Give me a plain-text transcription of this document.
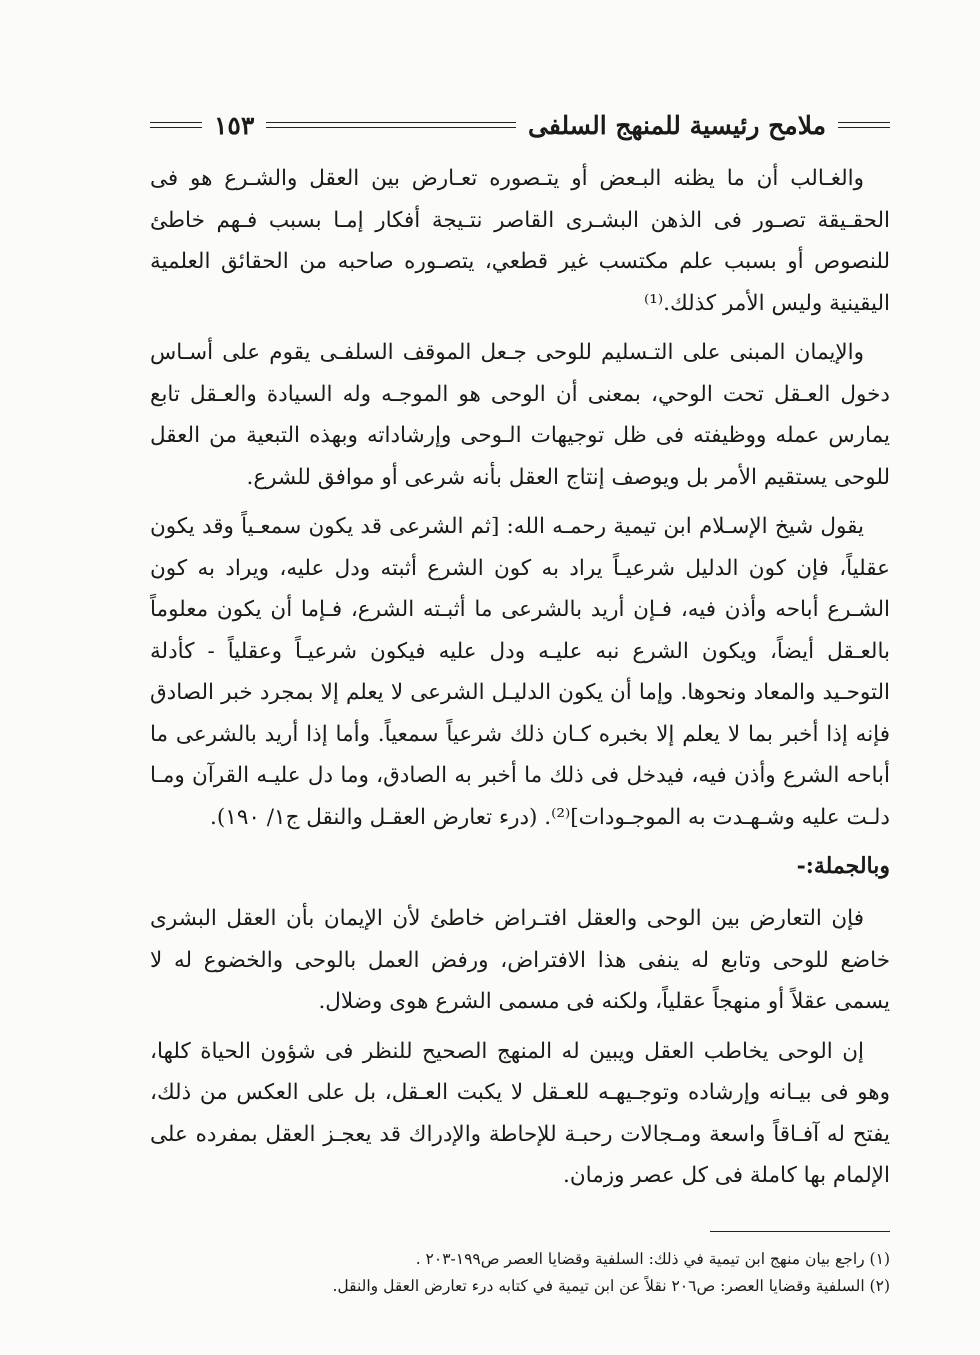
ملامح رئيسية للمنهج السلفى
١٥٣

والغـالب أن ما يظنه البـعض أو يتـصوره تعـارض بين العقل والشـرع هو فى الحقـيقة تصـور فى الذهن البشـرى القاصر نتـيجة أفكار إمـا بسبب فـهم خاطئ للنصوص أو بسبب علم مكتسب غير قطعي، يتصـوره صاحبه من الحقائق العلمية اليقينية وليس الأمر كذلك.⁽¹⁾

والإيمان المبنى على التـسليم للوحى جـعل الموقف السلفـى يقوم على أسـاس دخول العـقل تحت الوحي، بمعنى أن الوحى هو الموجـه وله السيادة والعـقل تابع يمارس عمله ووظيفته فى ظل توجيهات الـوحى وإرشاداته وبهذه التبعية من العقل للوحى يستقيم الأمر بل ويوصف إنتاج العقل بأنه شرعى أو موافق للشرع.

يقول شيخ الإسـلام ابن تيمية رحمـه الله: [ثم الشرعى قد يكون سمعـياً وقد يكون عقلياً، فإن كون الدليل شرعيـاً يراد به كون الشرع أثبته ودل عليه، ويراد به كون الشـرع أباحه وأذن فيه، فـإن أريد بالشرعى ما أثبـته الشرع، فـإما أن يكون معلوماً بالعـقل أيضاً، ويكون الشرع نبه عليـه ودل عليه فيكون شرعيـاً وعقلياً - كأدلة التوحـيد والمعاد ونحوها. وإما أن يكون الدليـل الشرعى لا يعلم إلا بمجرد خبر الصادق فإنه إذا أخبر بما لا يعلم إلا بخبره كـان ذلك شرعياً سمعياً. وأما إذا أريد بالشرعى ما أباحه الشرع وأذن فيه، فيدخل فى ذلك ما أخبر به الصادق، وما دل عليـه القرآن ومـا دلـت عليه وشـهـدت به الموجـودات]⁽²⁾. (درء تعارض العقـل والنقل ج١/ ١٩٠).

وبالجملة:-

فإن التعارض بين الوحى والعقل افتـراض خاطئ لأن الإيمان بأن العقل البشرى خاضع للوحى وتابع له ينفى هذا الافتراض، ورفض العمل بالوحى والخضوع له لا يسمى عقلاً أو منهجاً عقلياً، ولكنه فى مسمى الشرع هوى وضلال.

إن الوحى يخاطب العقل ويبين له المنهج الصحيح للنظر فى شؤون الحياة كلها، وهو فى بيـانه وإرشاده وتوجـيهـه للعـقل لا يكبت العـقل، بل على العكس من ذلك، يفتح له آفـاقاً واسعة ومـجالات رحبـة للإحاطة والإدراك قد يعجـز العقل بمفرده على الإلمام بها كاملة فى كل عصر وزمان.

(١) راجع بيان منهج ابن تيمية في ذلك: السلفية وقضايا العصر ص١٩٩-٢٠٣ .
(٢) السلفية وقضايا العصر: ص٢٠٦ نقلاً عن ابن تيمية في كتابه درء تعارض العقل والنقل.
